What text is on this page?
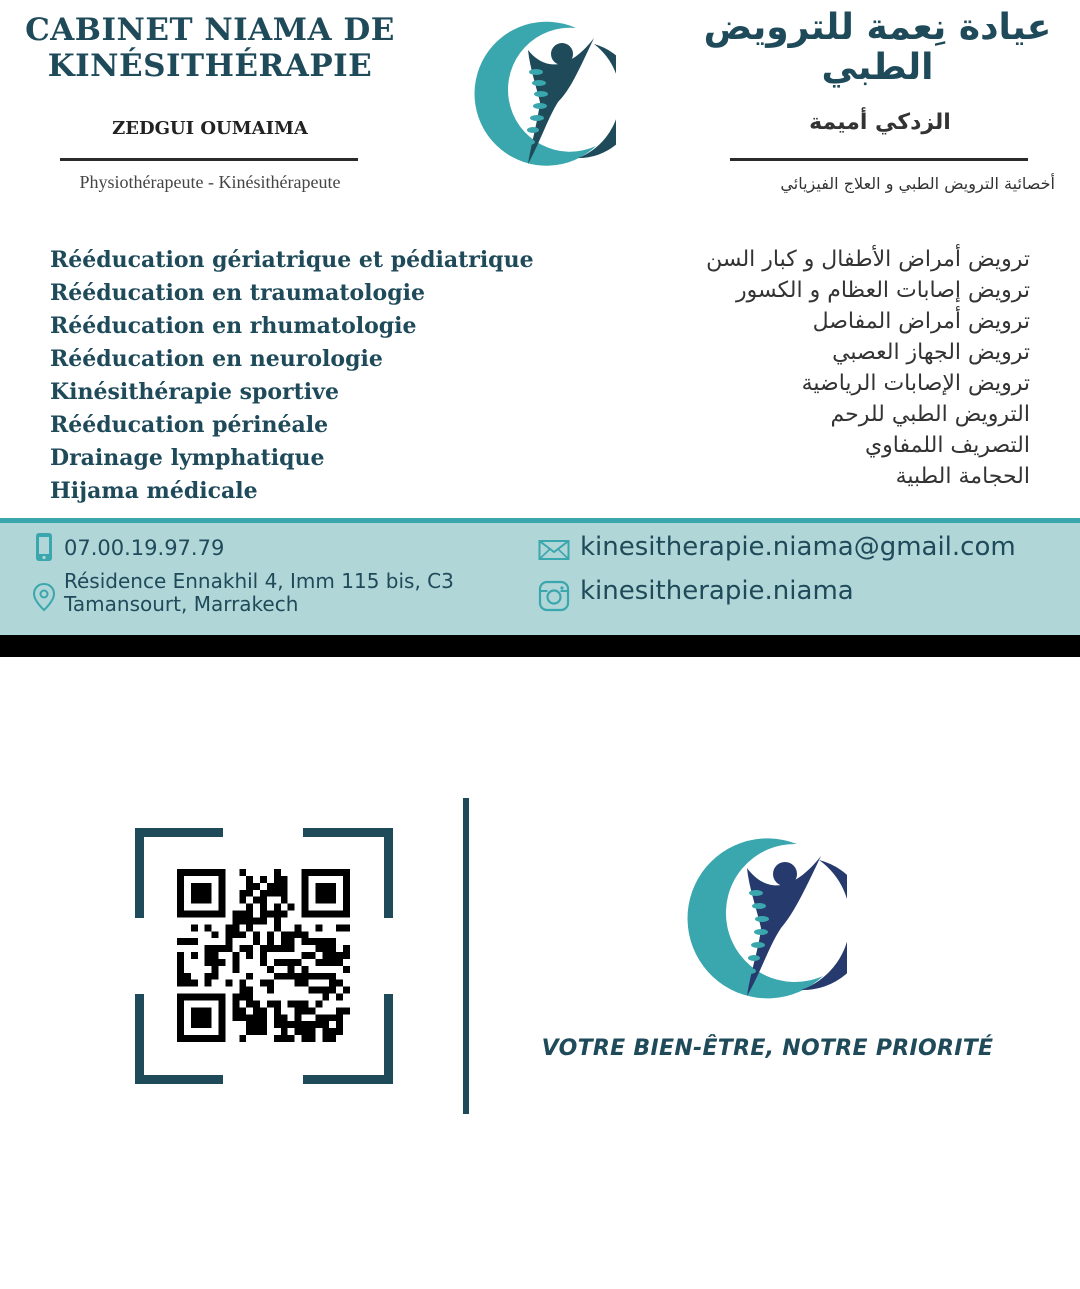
CABINET NIAMA DE
KINÉSITHÉRAPIE
ZEDGUI OUMAIMA
Physiothérapeute - Kinésithérapeute
عيادة نِعمة للترويض
الطبي
الزدكي أميمة
أخصائية الترويض الطبي و العلاج الفيزيائي
Rééducation gériatrique et pédiatrique
Rééducation en traumatologie
Rééducation en rhumatologie
Rééducation en neurologie
Kinésithérapie sportive
Rééducation périnéale
Drainage lymphatique
Hijama médicale
ترويض أمراض الأطفال و كبار السن
ترويض إصابات العظام و الكسور
ترويض أمراض المفاصل
ترويض الجهاز العصبي
ترويض الإصابات الرياضية
الترويض الطبي للرحم
التصريف اللمفاوي
الحجامة الطبية
07.00.19.97.79
Résidence Ennakhil 4, Imm 115 bis, C3
Tamansourt, Marrakech
kinesitherapie.niama@gmail.com
kinesitherapie.niama
VOTRE BIEN-ÊTRE, NOTRE PRIORITÉ
